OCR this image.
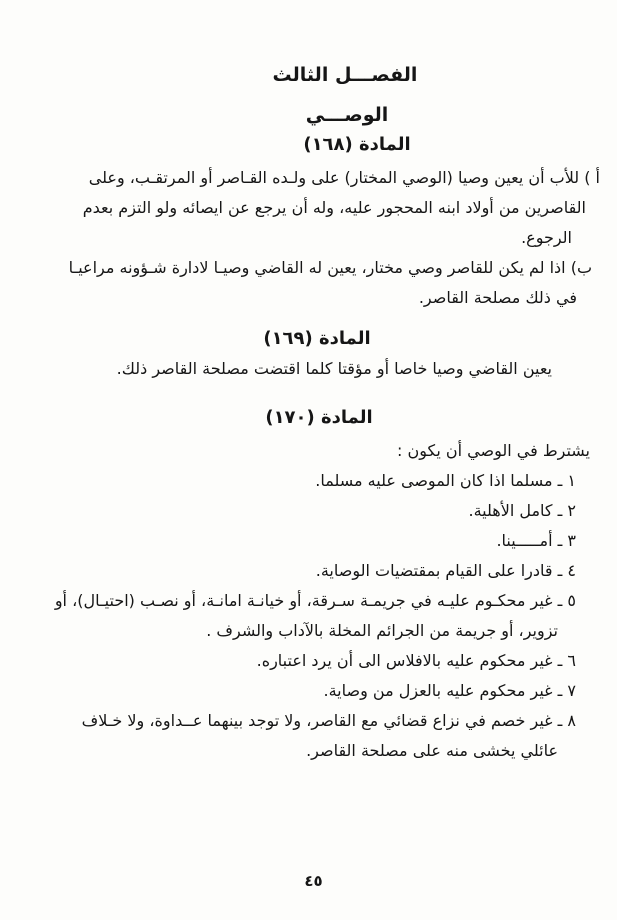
الفصـــل الثالث
الوصـــي
المادة (١٦٨)
أ ) للأب أن يعين وصيا (الوصي المختار) على ولـده القـاصر أو المرتقـب، وعلى
القاصرين من أولاد ابنه المحجور عليه، وله أن يرجع عن ايصائه ولو التزم بعدم
الرجوع.
ب) اذا لم يكن للقاصر وصي مختار، يعين له القاضي وصيـا لادارة شـؤونه مراعيـا
في ذلك مصلحة القاصر.
المادة (١٦٩)
يعين القاضي وصيا خاصا أو مؤقتا كلما اقتضت مصلحة القاصر ذلك.
المادة (١٧٠)
يشترط في الوصي أن يكون :
١ ـ مسلما اذا كان الموصى عليه مسلما.
٢ ـ كامل الأهلية.
٣ ـ أمـــــينا.
٤ ـ قادرا على القيام بمقتضيات الوصاية.
٥ ـ غير محكـوم عليـه في جريمـة سـرقة، أو خيانـة امانـة، أو نصـب (احتيـال)، أو
تزوير، أو جريمة من الجرائم المخلة بالآداب والشرف .
٦ ـ غير محكوم عليه بالافلاس الى أن يرد اعتباره.
٧ ـ غير محكوم عليه بالعزل من وصاية.
٨ ـ غير خصم في نزاع قضائي مع القاصر، ولا توجد بينهما عــداوة، ولا خـلاف
عائلي يخشى منه على مصلحة القاصر.
٤٥
